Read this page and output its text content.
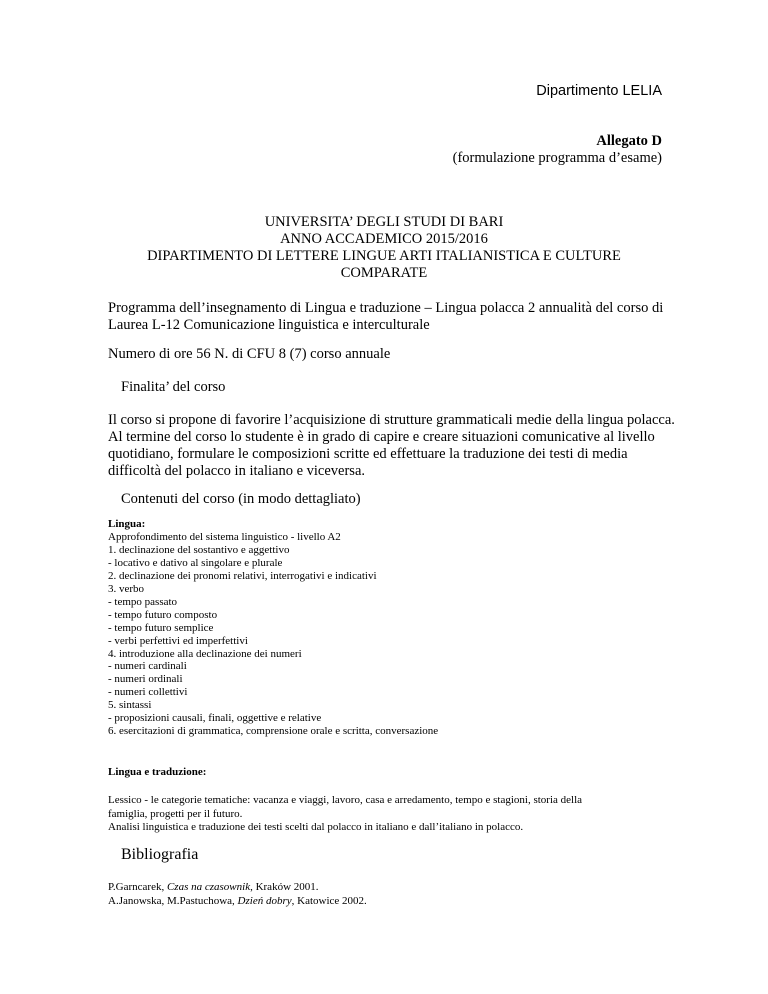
Dipartimento LELIA
Allegato D
(formulazione programma d’esame)
UNIVERSITA’ DEGLI STUDI DI BARI
ANNO ACCADEMICO 2015/2016
DIPARTIMENTO DI LETTERE LINGUE ARTI ITALIANISTICA E CULTURE
COMPARATE
Programma dell’insegnamento di Lingua e traduzione – Lingua polacca 2 annualità del corso di
Laurea L-12 Comunicazione linguistica e interculturale
Numero di ore 56 N. di CFU 8 (7) corso annuale
Finalita’ del corso
Il corso si propone di favorire l’acquisizione di strutture grammaticali medie della lingua polacca.
Al termine del corso lo studente è in grado di capire e creare situazioni comunicative al livello
quotidiano, formulare le composizioni scritte ed effettuare la traduzione dei testi di media
difficoltà del polacco in italiano e viceversa.
Contenuti del corso (in modo dettagliato)
Lingua:
Approfondimento del sistema linguistico - livello A2
1. declinazione del sostantivo e aggettivo
- locativo e dativo al singolare e plurale
2. declinazione dei pronomi relativi, interrogativi e indicativi
3. verbo
- tempo passato
- tempo futuro composto
- tempo futuro semplice
- verbi perfettivi ed imperfettivi
4. introduzione alla declinazione dei numeri
- numeri cardinali
- numeri ordinali
- numeri collettivi
5. sintassi
- proposizioni causali, finali, oggettive e relative
6. esercitazioni di grammatica, comprensione orale e scritta, conversazione
Lingua e traduzione:
Lessico - le categorie tematiche: vacanza e viaggi, lavoro, casa e arredamento, tempo e stagioni, storia della
famiglia, progetti per il futuro.
Analisi linguistica e traduzione dei testi scelti dal polacco in italiano e dall’italiano in polacco.
Bibliografia
P.Garncarek, Czas na czasownik, Kraków 2001.
A.Janowska, M.Pastuchowa, Dzień dobry, Katowice 2002.
